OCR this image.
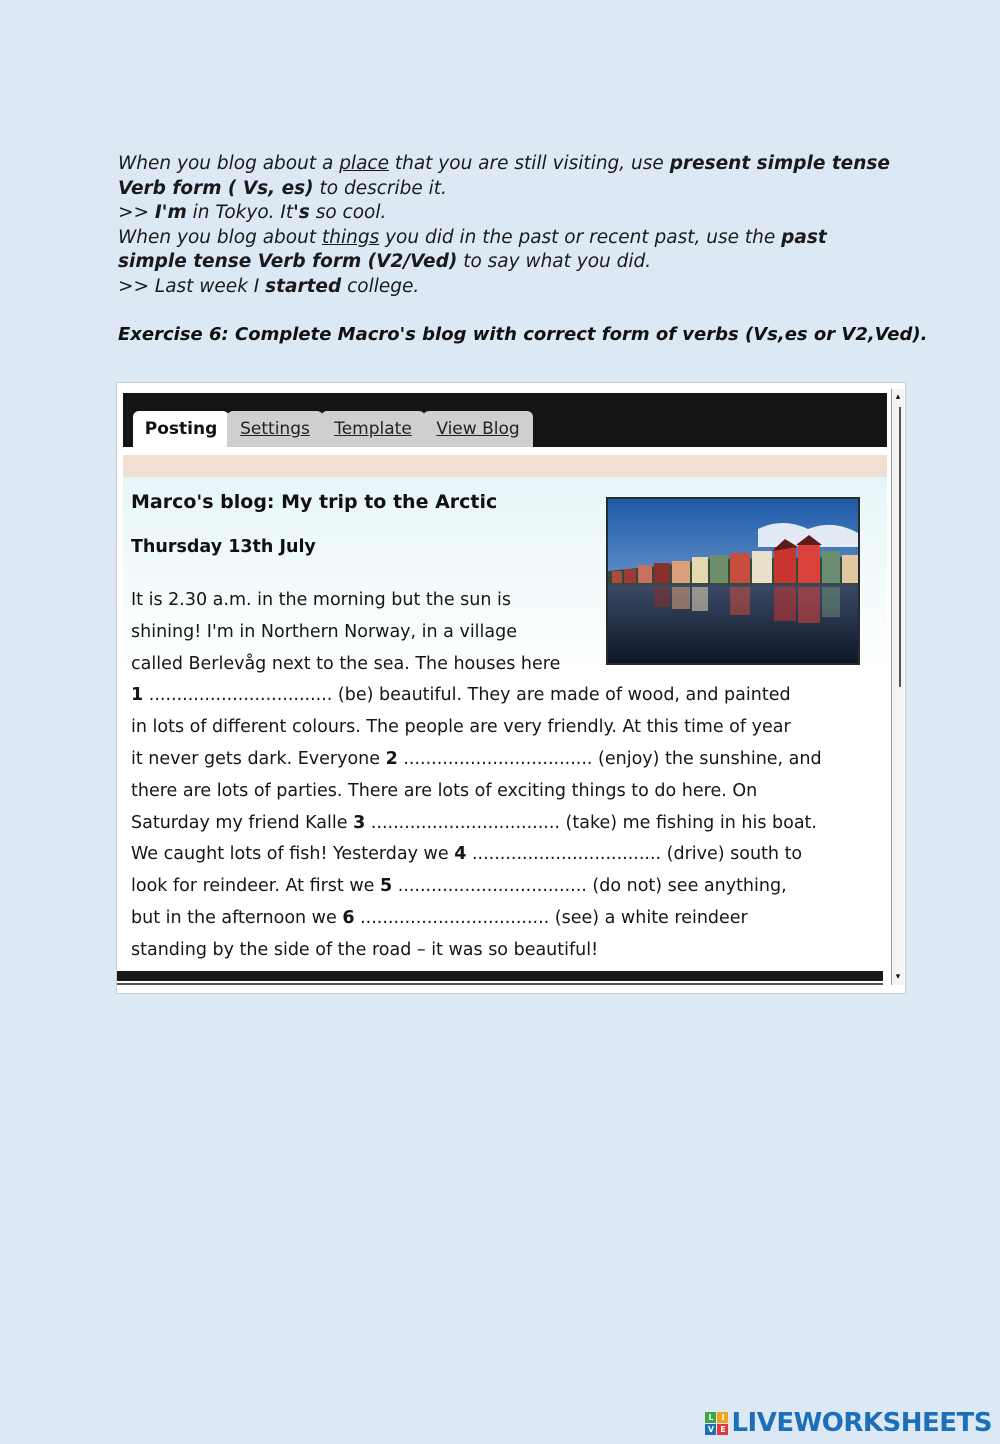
When you blog about a place that you are still visiting, use present simple tense
Verb form ( Vs, es) to describe it.
>> I'm in Tokyo. It's so cool.
When you blog about things you did in the past or recent past, use the past
simple tense Verb form (V2/Ved) to say what you did.
>> Last week I started college.
Exercise 6: Complete Macro's blog with correct form of verbs (Vs,es or V2,Ved).
Posting	Settings	Template	View Blog
▴
▾
Marco's blog: My trip to the Arctic
Thursday 13th July
It is 2.30 a.m. in the morning but the sun is
shining! I'm in Northern Norway, in a village
called Berlevåg next to the sea. The houses here
1 ................................. (be) beautiful. They are made of wood, and painted
in lots of different colours. The people are very friendly. At this time of year
it never gets dark. Everyone 2 .................................. (enjoy) the sunshine, and
there are lots of parties. There are lots of exciting things to do here. On
Saturday my friend Kalle 3 .................................. (take) me fishing in his boat.
We caught lots of fish! Yesterday we 4 .................................. (drive) south to
look for reindeer. At first we 5 .................................. (do not) see anything,
but in the afternoon we 6 .................................. (see) a white reindeer
standing by the side of the road – it was so beautiful!
L I
V E LIVEWORKSHEETS
